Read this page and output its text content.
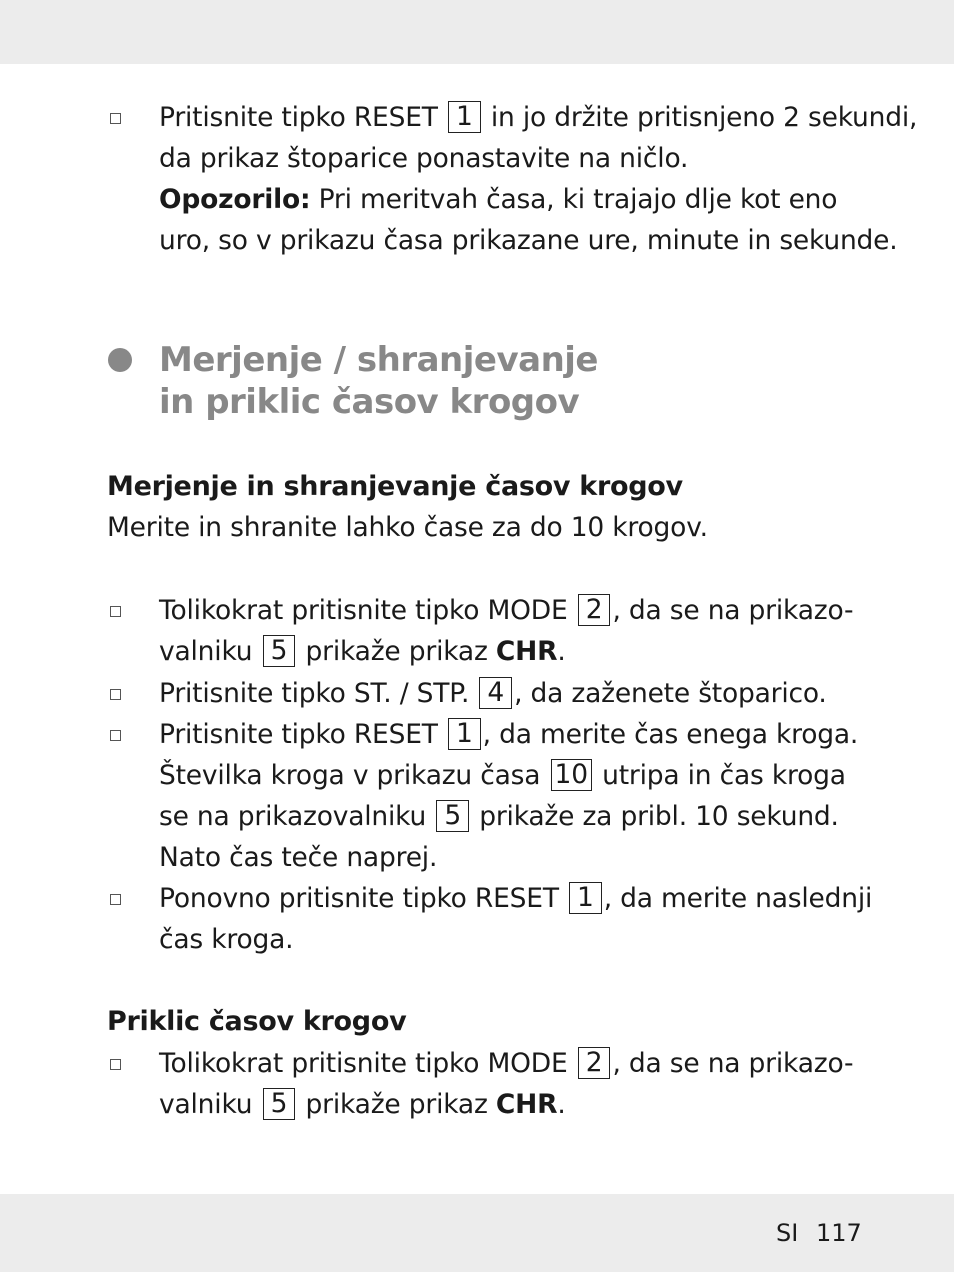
Pritisnite tipko RESET 1 in jo držite pritisnjeno 2 sekundi,
da prikaz štoparice ponastavite na ničlo.
Opozorilo: Pri meritvah časa, ki trajajo dlje kot eno
uro, so v prikazu časa prikazane ure, minute in sekunde.
Merjenje / shranjevanje
in priklic časov krogov
Merjenje in shranjevanje časov krogov
Merite in shranite lahko čase za do 10 krogov.
Tolikokrat pritisnite tipko MODE 2 , da se na prikazo-
valniku 5 prikaže prikaz CHR.
Pritisnite tipko ST. / STP. 4 , da zaženete štoparico.
Pritisnite tipko RESET 1 , da merite čas enega kroga.
Številka kroga v prikazu časa 10 utripa in čas kroga
se na prikazovalniku 5 prikaže za pribl. 10 sekund.
Nato čas teče naprej.
Ponovno pritisnite tipko RESET 1 , da merite naslednji
čas kroga.
Priklic časov krogov
Tolikokrat pritisnite tipko MODE 2 , da se na prikazo-
valniku 5 prikaže prikaz CHR.
SI 117
